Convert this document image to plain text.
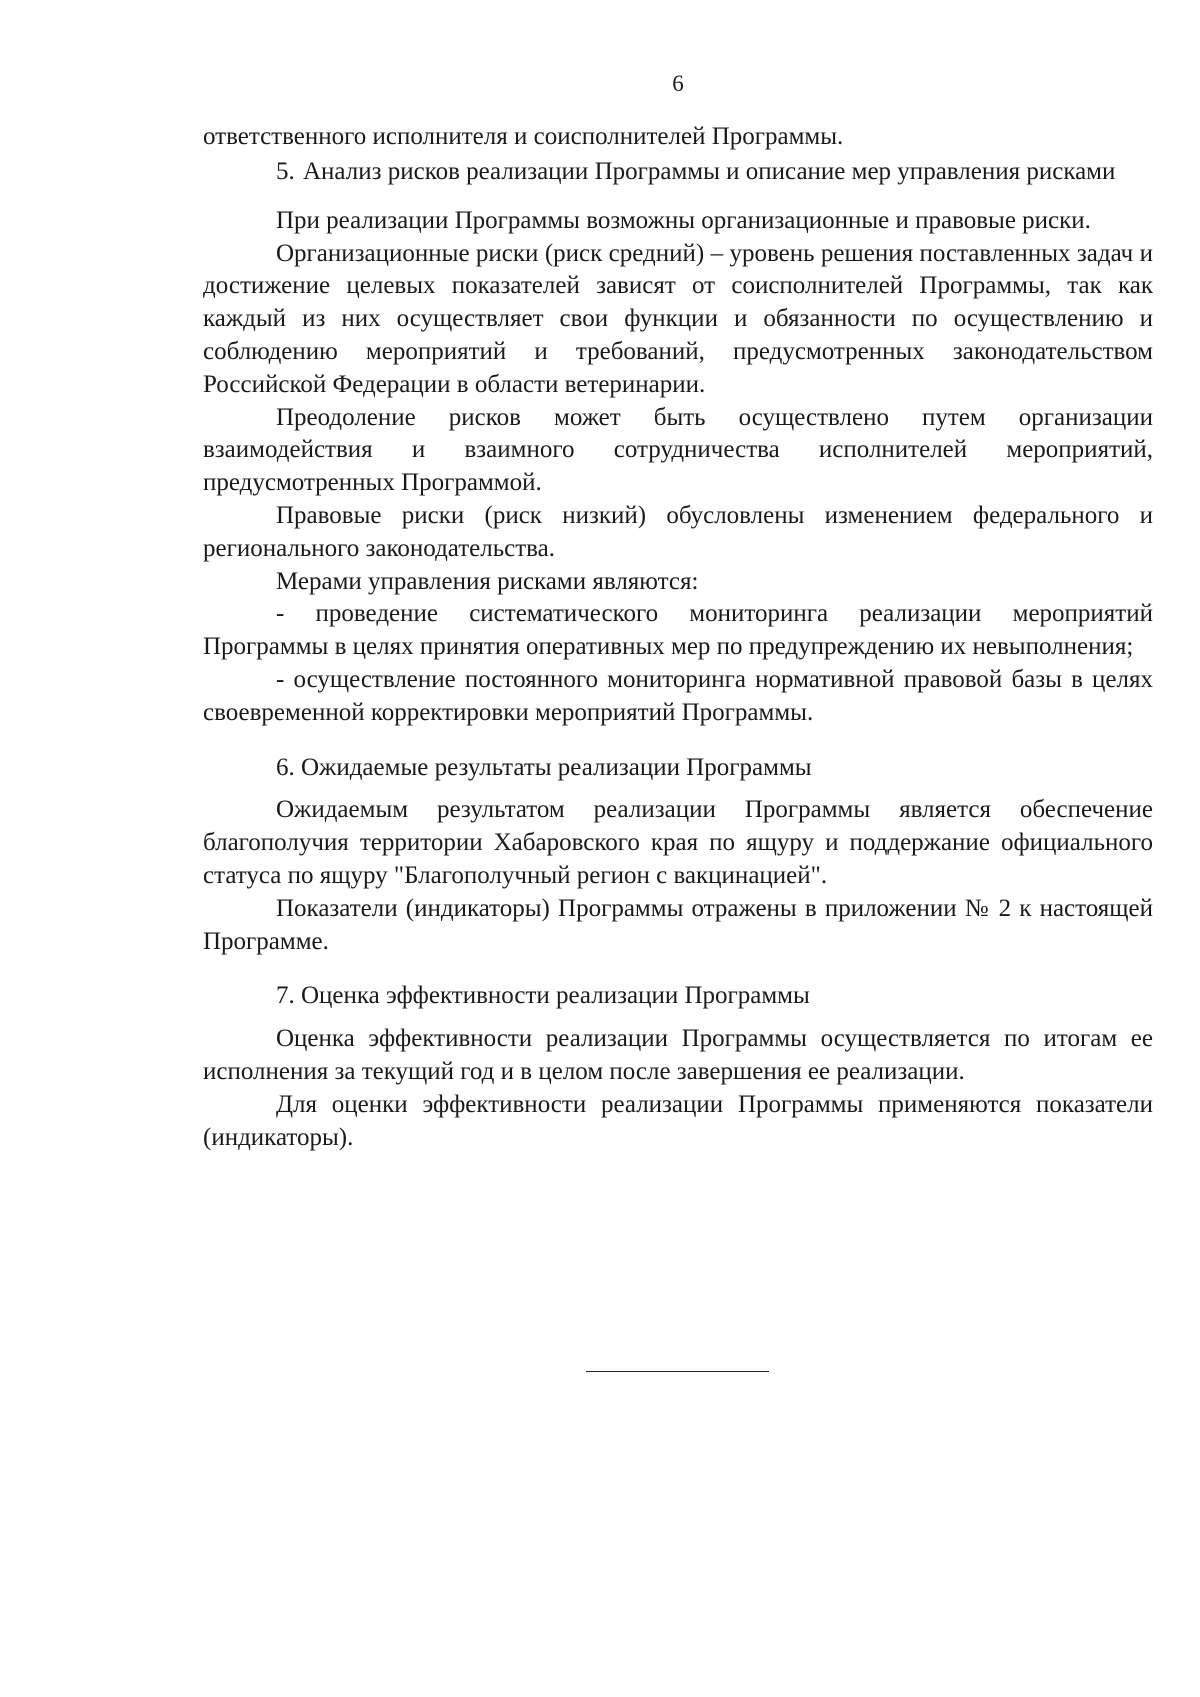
6

ответственного исполнителя и соисполнителей Программы.

5. Анализ рисков реализации Программы и описание мер управления рисками

При реализации Программы возможны организационные и правовые риски.

Организационные риски (риск средний) – уровень решения поставленных задач и достижение целевых показателей зависят от соисполнителей Программы, так как каждый из них осуществляет свои функции и обязанности по осуществлению и соблюдению мероприятий и требований, предусмотренных законодательством Российской Федерации в области ветеринарии.

Преодоление рисков может быть осуществлено путем организации взаимодействия и взаимного сотрудничества исполнителей мероприятий, предусмотренных Программой.

Правовые риски (риск низкий) обусловлены изменением федерального и регионального законодательства.

Мерами управления рисками являются:

- проведение систематического мониторинга реализации мероприятий Программы в целях принятия оперативных мер по предупреждению их невыполнения;

- осуществление постоянного мониторинга нормативной правовой базы в целях своевременной корректировки мероприятий Программы.

6. Ожидаемые результаты реализации Программы

Ожидаемым результатом реализации Программы является обеспечение благополучия территории Хабаровского края по ящуру и поддержание официального статуса по ящуру "Благополучный регион с вакцинацией".

Показатели (индикаторы) Программы отражены в приложении № 2 к настоящей Программе.

7. Оценка эффективности реализации Программы

Оценка эффективности реализации Программы осуществляется по итогам ее исполнения за текущий год и в целом после завершения ее реализации.

Для оценки эффективности реализации Программы применяются показатели (индикаторы).
